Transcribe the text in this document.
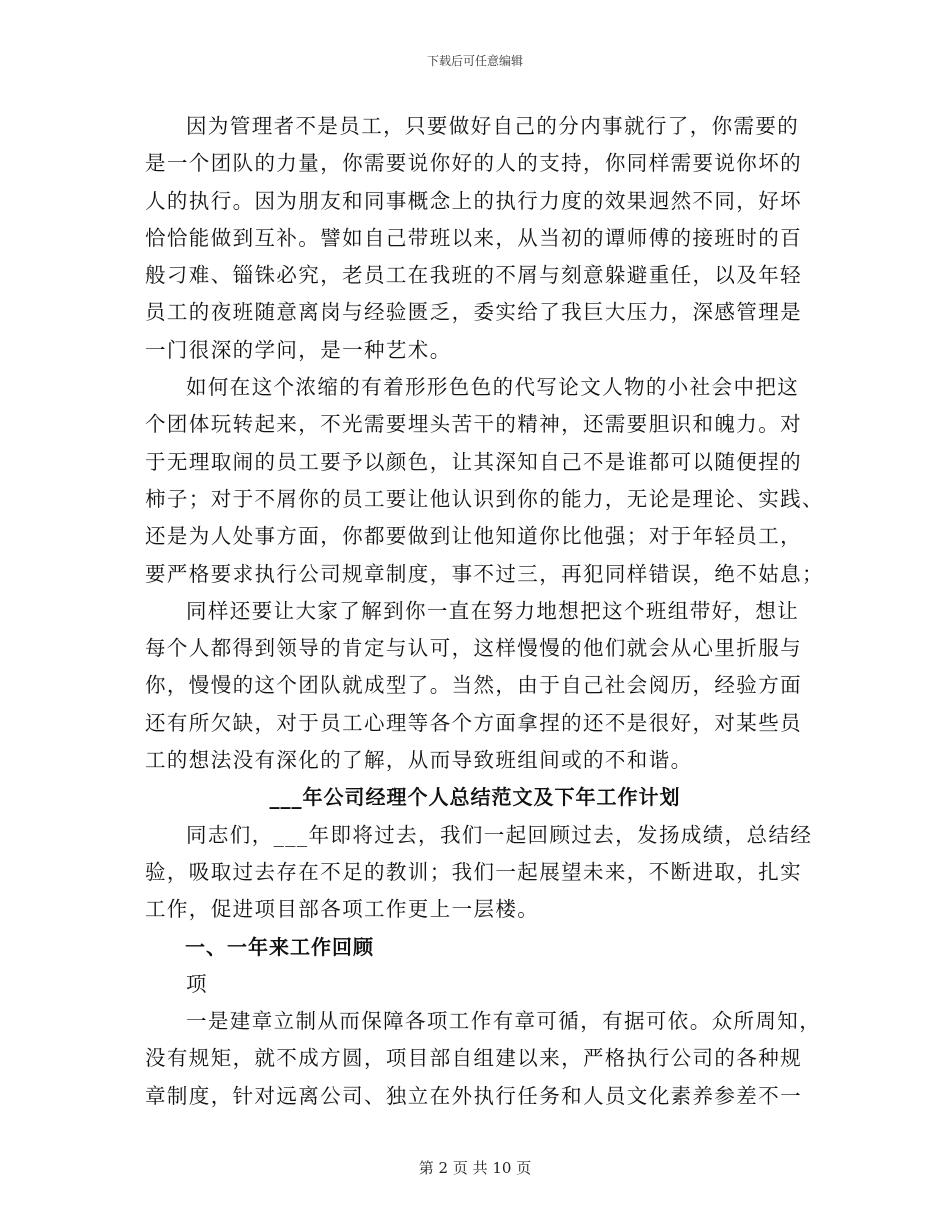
下载后可任意编辑

因为管理者不是员工，只要做好自己的分内事就行了，你需要的
是一个团队的力量，你需要说你好的人的支持，你同样需要说你坏的
人的执行。因为朋友和同事概念上的执行力度的效果迥然不同，好坏
恰恰能做到互补。譬如自己带班以来，从当初的谭师傅的接班时的百
般刁难、锱铢必究，老员工在我班的不屑与刻意躲避重任，以及年轻
员工的夜班随意离岗与经验匮乏，委实给了我巨大压力，深感管理是
一门很深的学问，是一种艺术。

如何在这个浓缩的有着形形色色的代写论文人物的小社会中把这
个团体玩转起来，不光需要埋头苦干的精神，还需要胆识和魄力。对
于无理取闹的员工要予以颜色，让其深知自己不是谁都可以随便捏的
柿子；对于不屑你的员工要让他认识到你的能力，无论是理论、实践、
还是为人处事方面，你都要做到让他知道你比他强；对于年轻员工，
要严格要求执行公司规章制度，事不过三，再犯同样错误，绝不姑息；

同样还要让大家了解到你一直在努力地想把这个班组带好，想让
每个人都得到领导的肯定与认可，这样慢慢的他们就会从心里折服与
你，慢慢的这个团队就成型了。当然，由于自己社会阅历，经验方面
还有所欠缺，对于员工心理等各个方面拿捏的还不是很好，对某些员
工的想法没有深化的了解，从而导致班组间或的不和谐。

___年公司经理个人总结范文及下年工作计划

同志们，___年即将过去，我们一起回顾过去，发扬成绩，总结经
验，吸取过去存在不足的教训；我们一起展望未来，不断进取，扎实
工作，促进项目部各项工作更上一层楼。

一、一年来工作回顾

项

一是建章立制从而保障各项工作有章可循，有据可依。众所周知，
没有规矩，就不成方圆，项目部自组建以来，严格执行公司的各种规
章制度，针对远离公司、独立在外执行任务和人员文化素养参差不一

第 2 页 共 10 页
